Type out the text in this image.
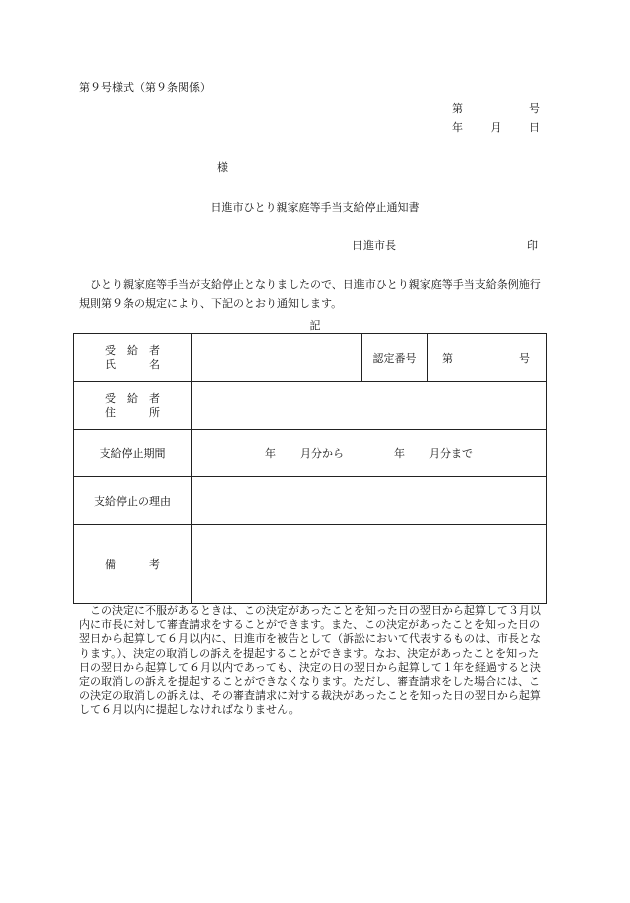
第９号様式（第９条関係）
第	号
年	月	日
様
日進市ひとり親家庭等手当支給停止通知書
日進市長	印
ひとり親家庭等手当が支給停止となりましたので、日進市ひとり親家庭等手当支給条例施行規則第９条の規定により、下記のとおり通知します。
記
受　給　者
氏　　　名		認定番号	第 号

受　給　者
住　　　所			

支給停止期間	年 月分から 年 月分まで		
支給停止の理由			
備　　　考			
この決定に不服があるときは、この決定があったことを知った日の翌日から起算して３月以内に市長に対して審査請求をすることができます。また、この決定があったことを知った日の翌日から起算して６月以内に、日進市を被告として（訴訟において代表するものは、市長となります。）、決定の取消しの訴えを提起することができます。なお、決定があったことを知った日の翌日から起算して６月以内であっても、決定の日の翌日から起算して１年を経過すると決定の取消しの訴えを提起することができなくなります。ただし、審査請求をした場合には、この決定の取消しの訴えは、その審査請求に対する裁決があったことを知った日の翌日から起算して６月以内に提起しなければなりません。
